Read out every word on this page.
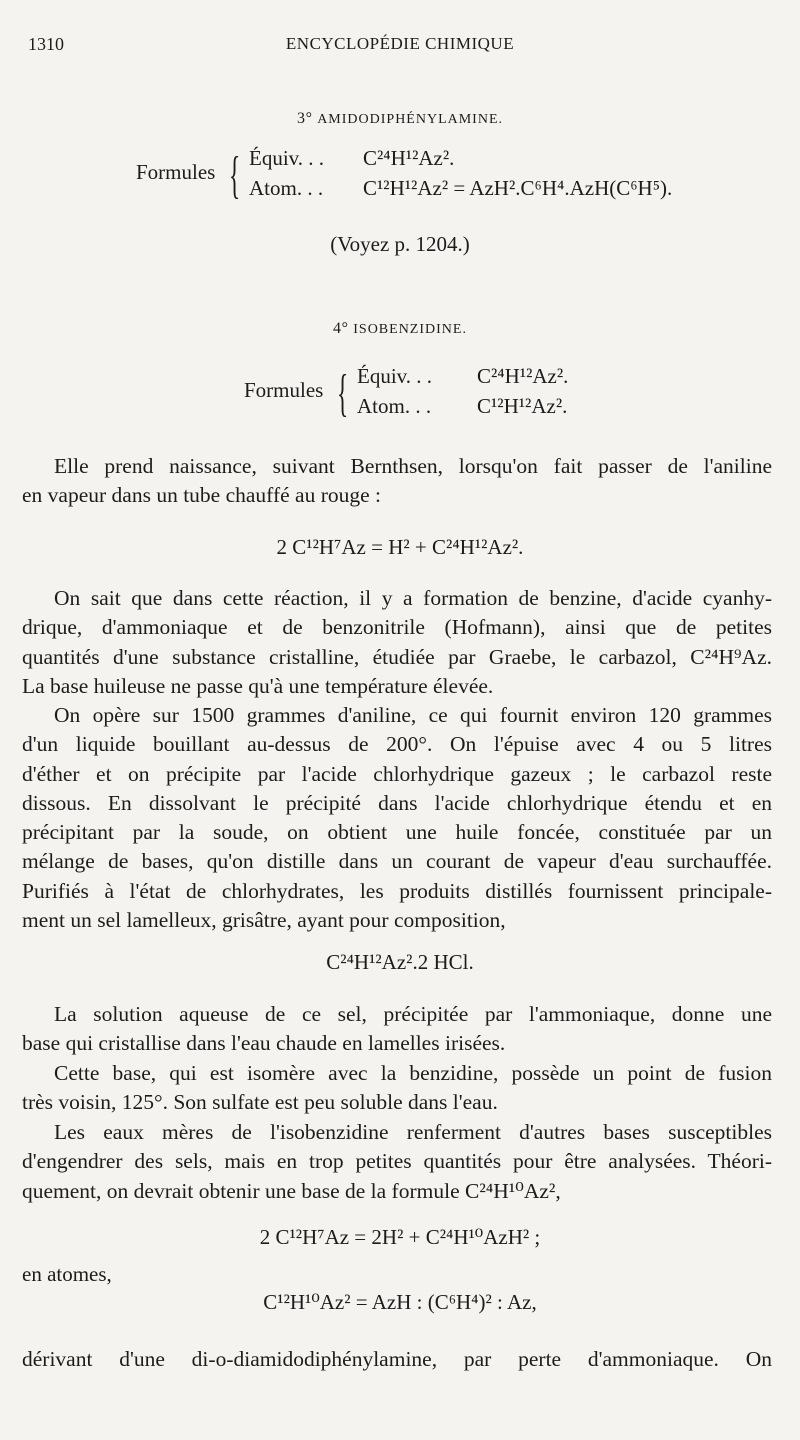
1310	ENCYCLOPÉDIE CHIMIQUE
3° AMIDODIPHÉNYLAMINE.
Formules { Équiv. . . C²⁴H¹²Az².
Atom. . . C¹²H¹²Az² = AzH².C⁶H⁴.AzH(C⁶H⁵).
(Voyez p. 1204.)
4° ISOBENZIDINE.
Formules { Équiv. . . C²⁴H¹²Az².
Atom. . . C¹²H¹²Az².
Elle prend naissance, suivant Bernthsen, lorsqu'on fait passer de l'aniline
en vapeur dans un tube chauffé au rouge :
2 C¹²H⁷Az = H² + C²⁴H¹²Az².
On sait que dans cette réaction, il y a formation de benzine, d'acide cyanhy-
drique, d'ammoniaque et de benzonitrile (Hofmann), ainsi que de petites
quantités d'une substance cristalline, étudiée par Graebe, le carbazol, C²⁴H⁹Az.
La base huileuse ne passe qu'à une température élevée.
On opère sur 1500 grammes d'aniline, ce qui fournit environ 120 grammes
d'un liquide bouillant au-dessus de 200°. On l'épuise avec 4 ou 5 litres
d'éther et on précipite par l'acide chlorhydrique gazeux ; le carbazol reste
dissous. En dissolvant le précipité dans l'acide chlorhydrique étendu et en
précipitant par la soude, on obtient une huile foncée, constituée par un
mélange de bases, qu'on distille dans un courant de vapeur d'eau surchauffée.
Purifiés à l'état de chlorhydrates, les produits distillés fournissent principale-
ment un sel lamelleux, grisâtre, ayant pour composition,
C²⁴H¹²Az².2 HCl.
La solution aqueuse de ce sel, précipitée par l'ammoniaque, donne une
base qui cristallise dans l'eau chaude en lamelles irisées.
Cette base, qui est isomère avec la benzidine, possède un point de fusion
très voisin, 125°. Son sulfate est peu soluble dans l'eau.
Les eaux mères de l'isobenzidine renferment d'autres bases susceptibles
d'engendrer des sels, mais en trop petites quantités pour être analysées. Théori-
quement, on devrait obtenir une base de la formule C²⁴H¹⁰Az²,
2 C¹²H⁷Az = 2H² + C²⁴H¹⁰AzH² ;
en atomes,
C¹²H¹⁰Az² = AzH : (C⁶H⁴)² : Az,
dérivant d'une di-o-diamidodiphénylamine, par perte d'ammoniaque. On
